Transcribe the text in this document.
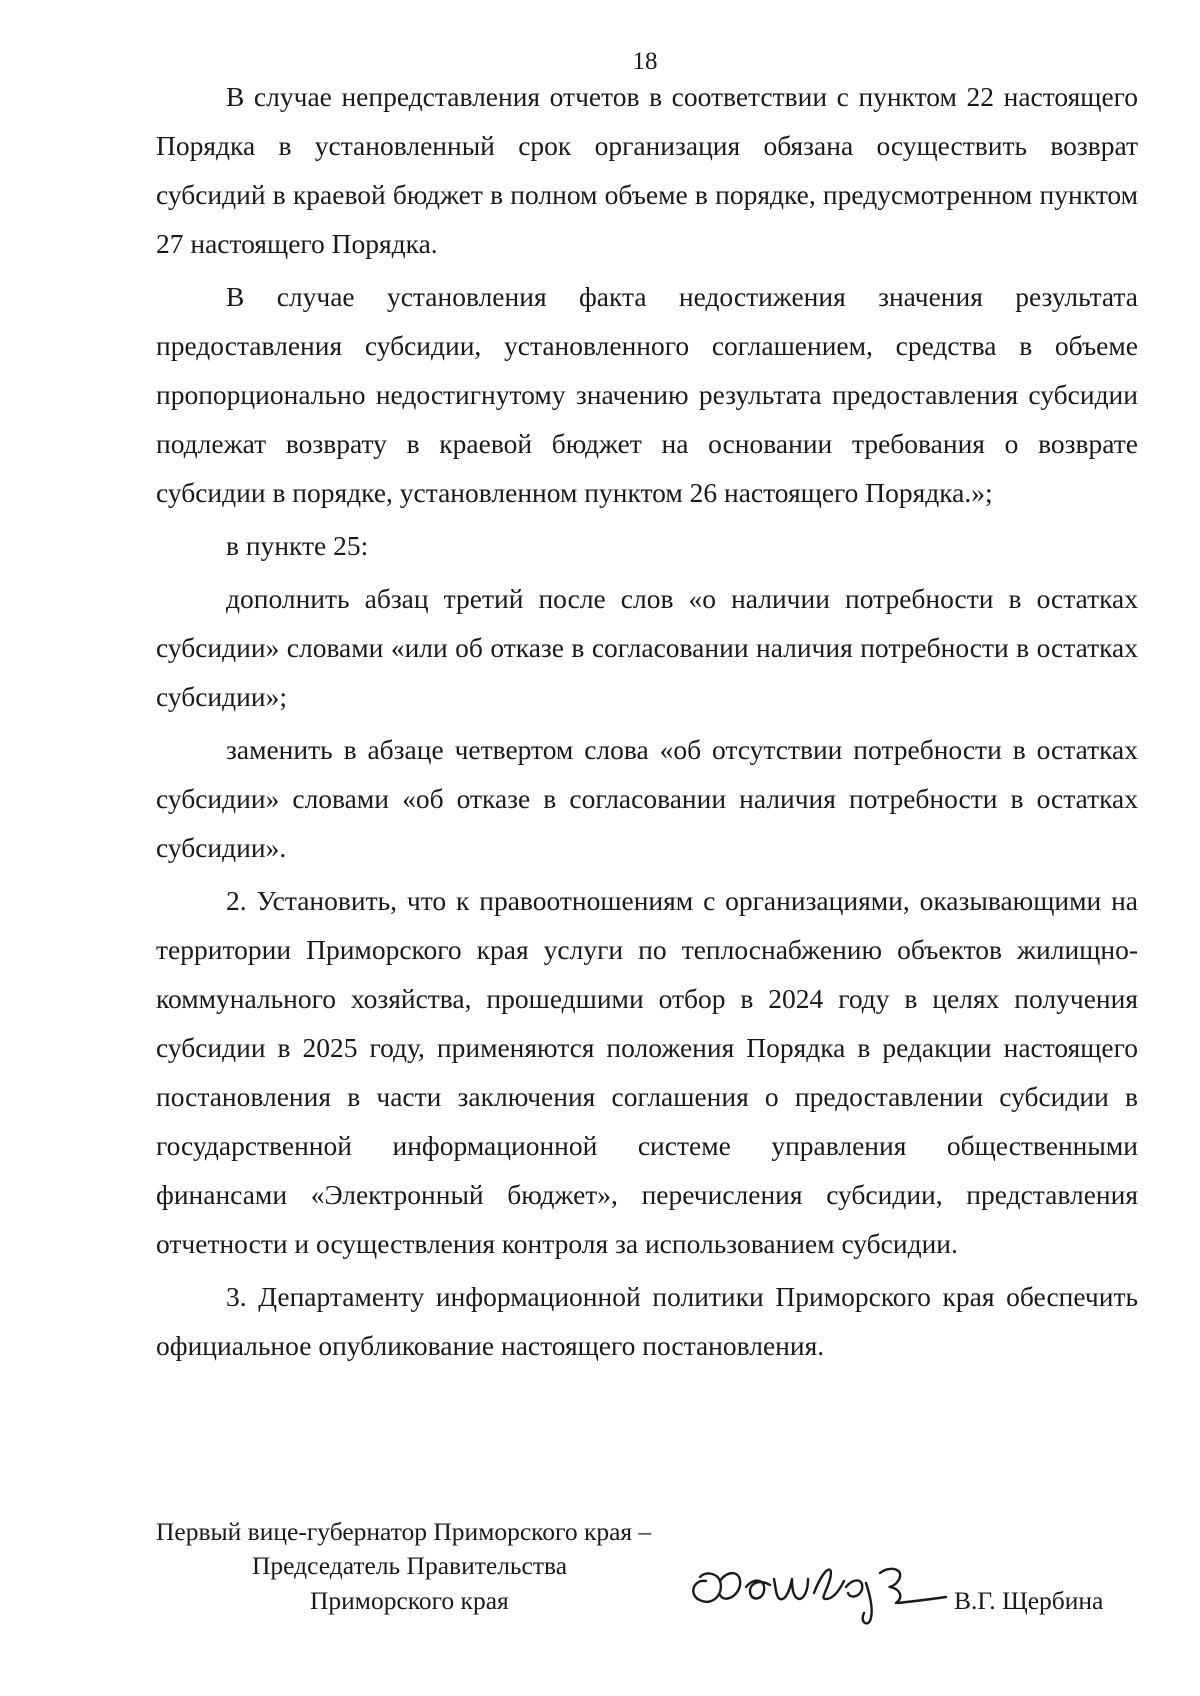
18

В случае непредставления отчетов в соответствии с пунктом 22 настоящего Порядка в установленный срок организация обязана осуществить возврат субсидий в краевой бюджет в полном объеме в порядке, предусмотренном пунктом 27 настоящего Порядка.

В случае установления факта недостижения значения результата предоставления субсидии, установленного соглашением, средства в объеме пропорционально недостигнутому значению результата предоставления субсидии подлежат возврату в краевой бюджет на основании требования о возврате субсидии в порядке, установленном пунктом 26 настоящего Порядка.»;

в пункте 25:

дополнить абзац третий после слов «о наличии потребности в остатках субсидии» словами «или об отказе в согласовании наличия потребности в остатках субсидии»;

заменить в абзаце четвертом слова «об отсутствии потребности в остатках субсидии» словами «об отказе в согласовании наличия потребности в остатках субсидии».

2. Установить, что к правоотношениям с организациями, оказывающими на территории Приморского края услуги по теплоснабжению объектов жилищно-коммунального хозяйства, прошедшими отбор в 2024 году в целях получения субсидии в 2025 году, применяются положения Порядка в редакции настоящего постановления в части заключения соглашения о предоставлении субсидии в государственной информационной системе управления общественными финансами «Электронный бюджет», перечисления субсидии, представления отчетности и осуществления контроля за использованием субсидии.

3. Департаменту информационной политики Приморского края обеспечить официальное опубликование настоящего постановления.

Первый вице-губернатор Приморского края –
Председатель Правительства
Приморского края	В.Г. Щербина
